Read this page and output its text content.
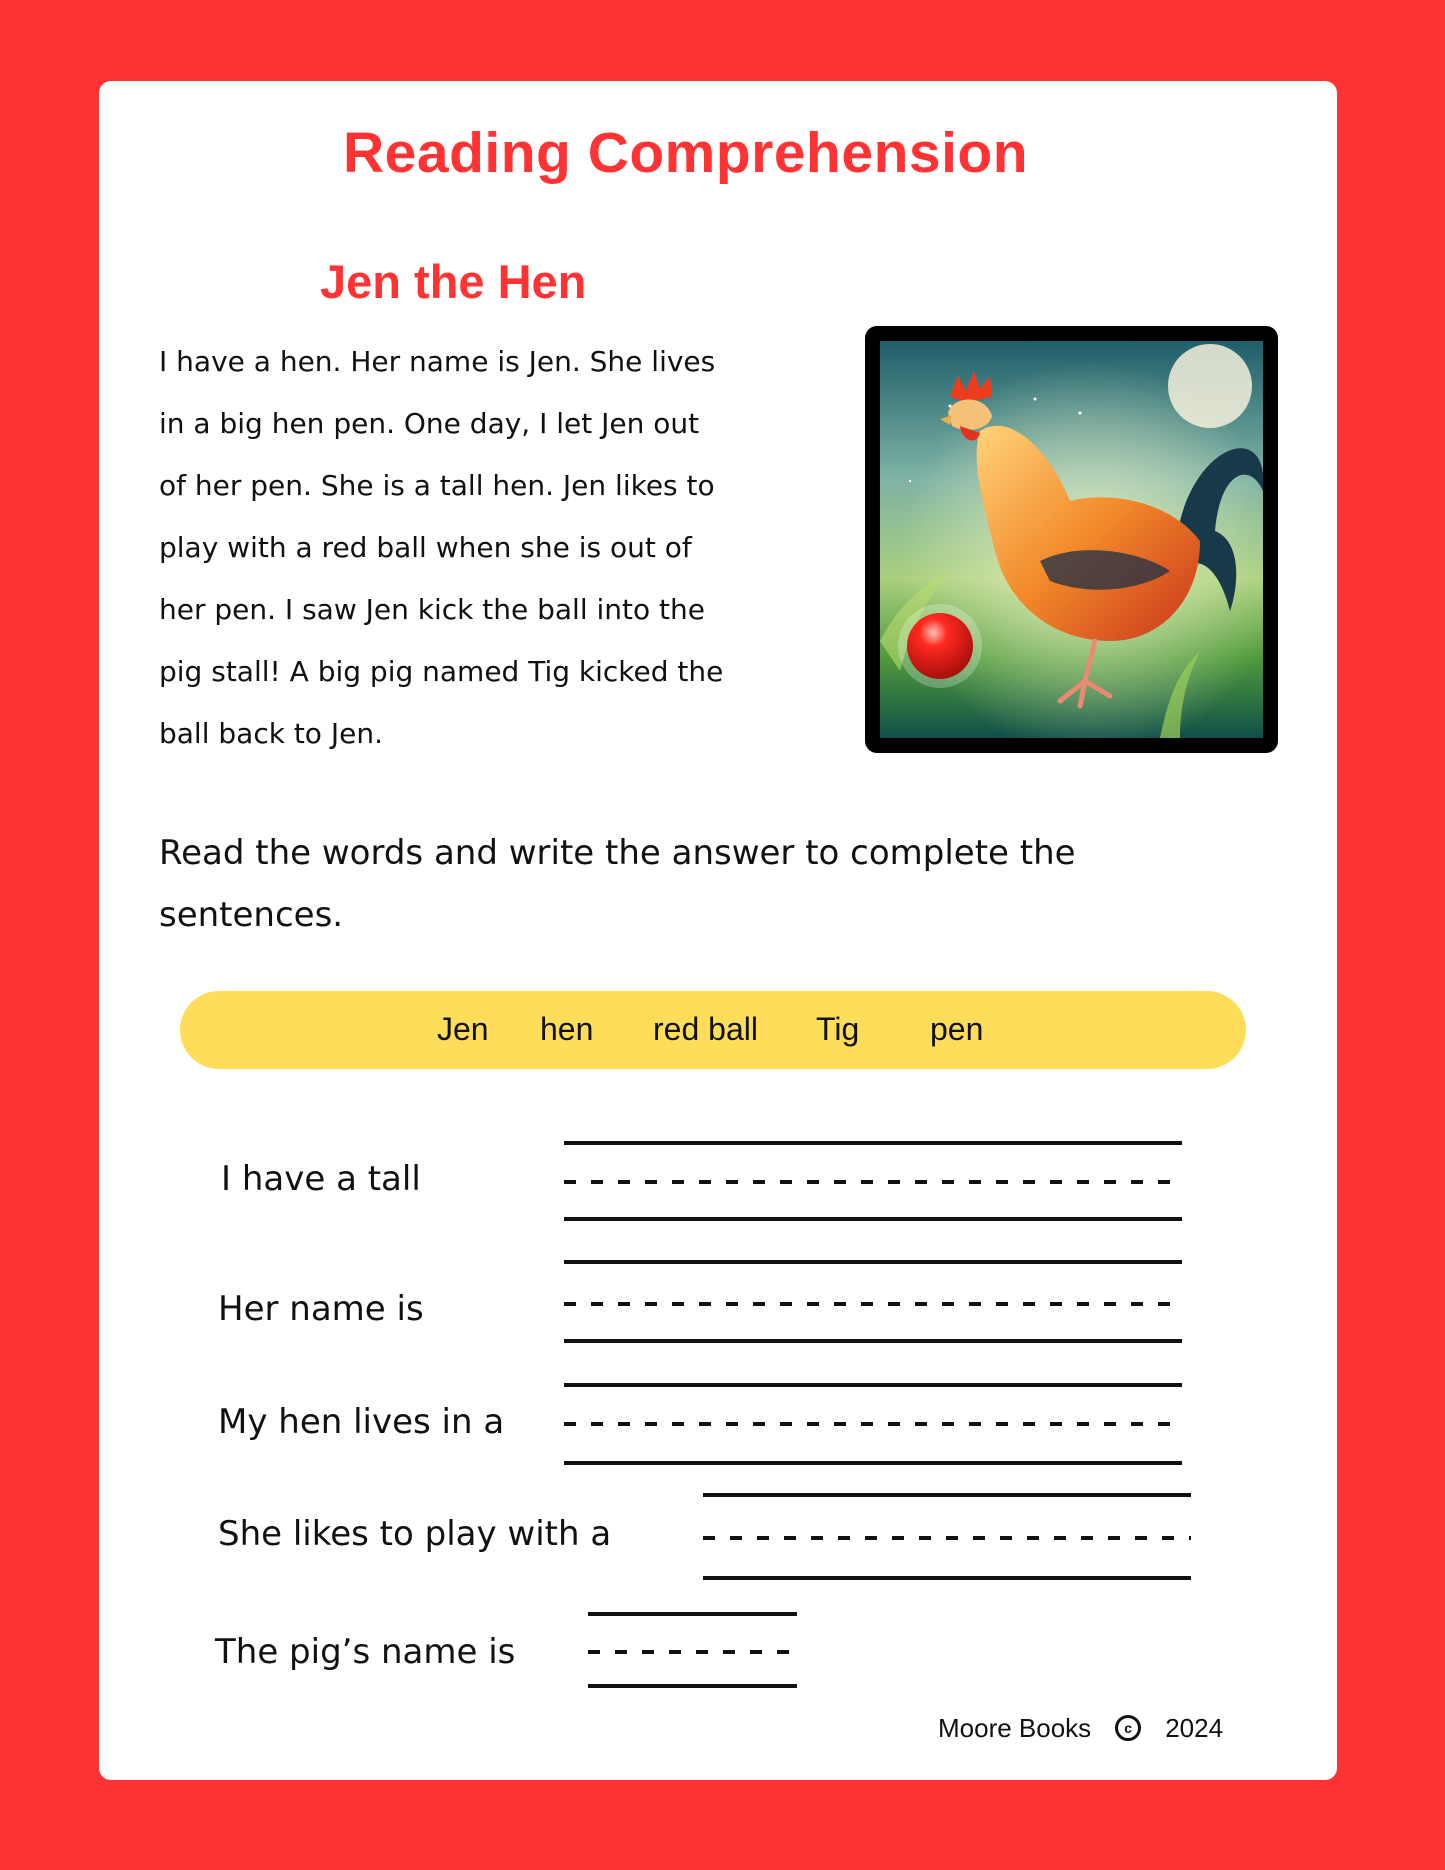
Reading Comprehension
Jen the Hen
I have a hen. Her name is Jen. She lives
in a big hen pen. One day, I let Jen out
of her pen. She is a tall hen. Jen likes to
play with a red ball when she is out of
her pen. I saw Jen kick the ball into the
pig stall! A big pig named Tig kicked the
ball back to Jen.
Read the words and write the answer to complete the
sentences.
Jen hen red ball Tig pen
I have a tall
Her name is
My hen lives in a
She likes to play with a
The pig’s name is
Moore Books	c	2024
